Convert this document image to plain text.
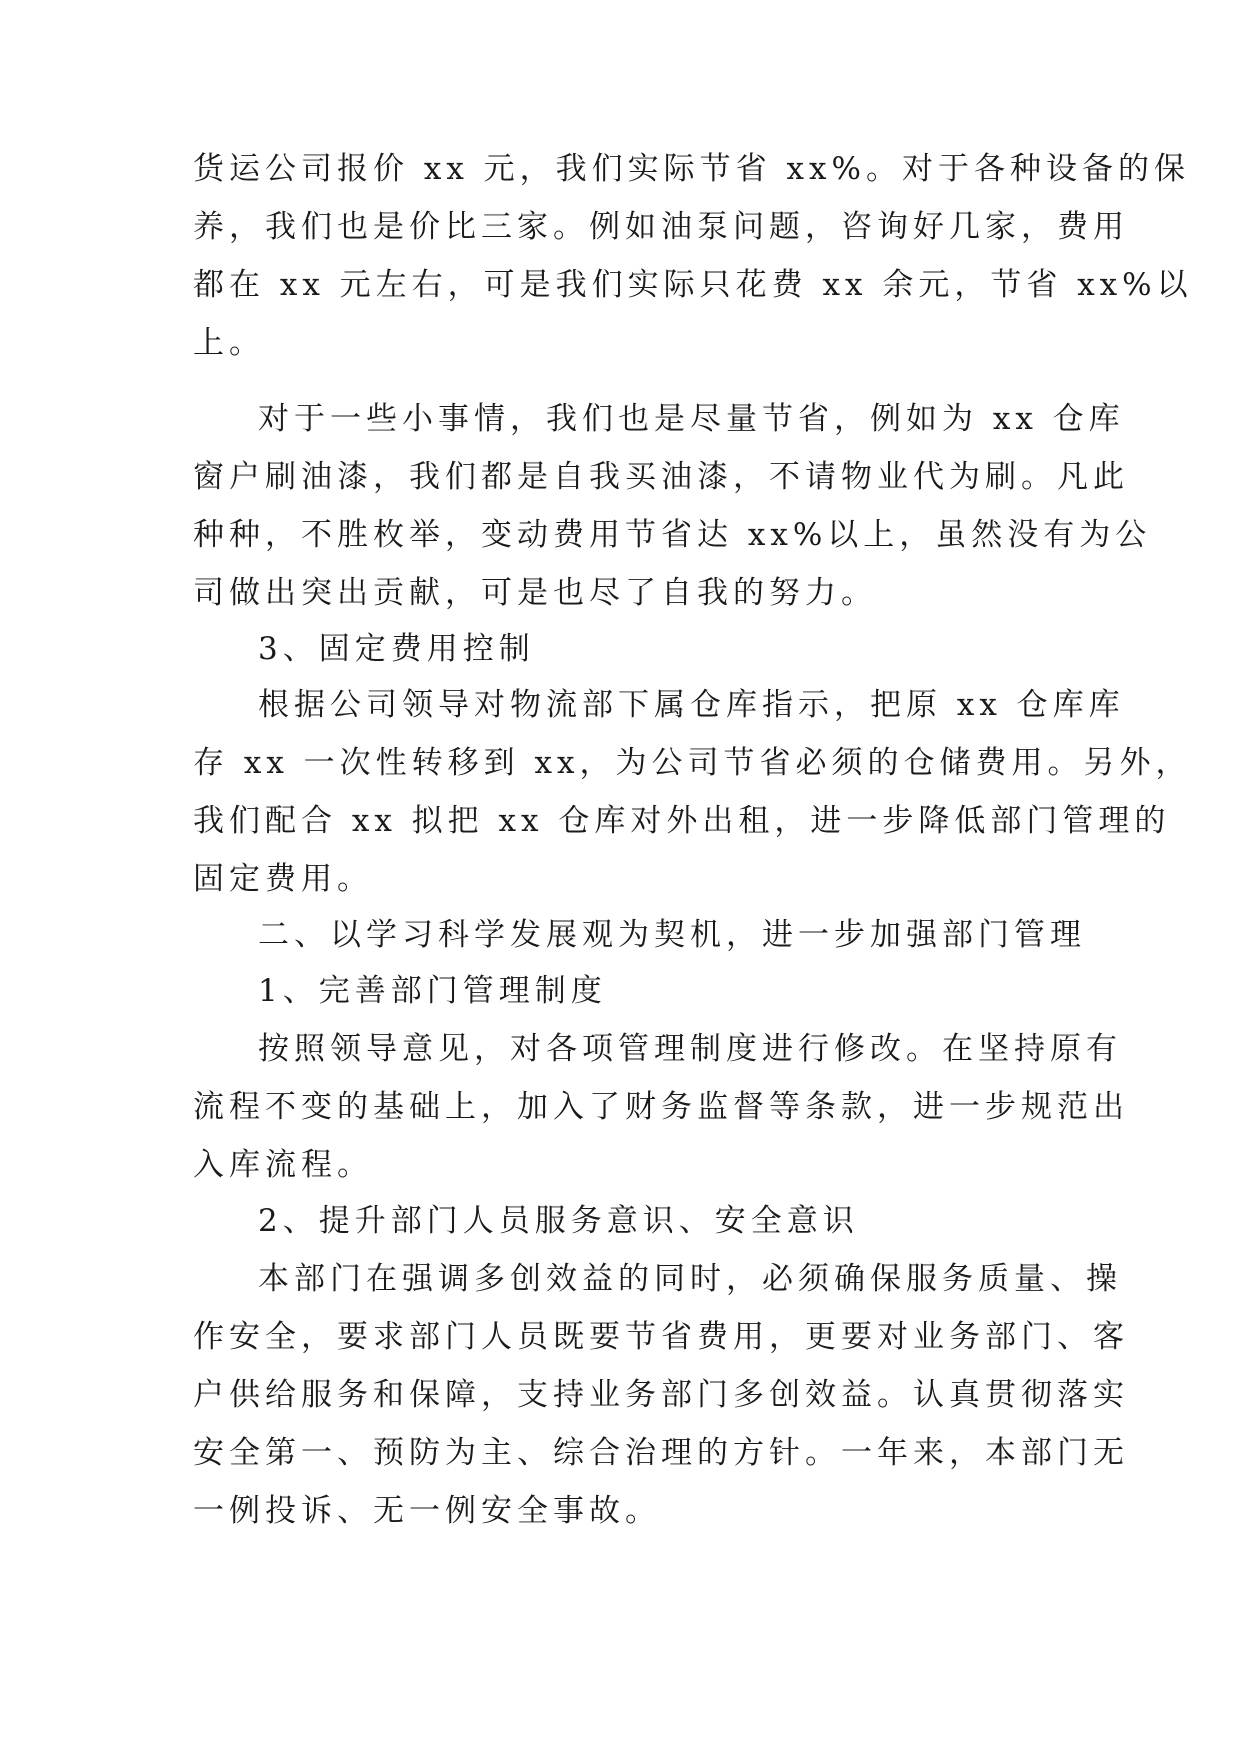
货运公司报价 xx 元，我们实际节省 xx%。对于各种设备的保

养，我们也是价比三家。例如油泵问题，咨询好几家，费用

都在 xx 元左右，可是我们实际只花费 xx 余元，节省 xx%以

上。

对于一些小事情，我们也是尽量节省，例如为 xx 仓库

窗户刷油漆，我们都是自我买油漆，不请物业代为刷。凡此

种种，不胜枚举，变动费用节省达 xx%以上，虽然没有为公

司做出突出贡献，可是也尽了自我的努力。

3、固定费用控制

根据公司领导对物流部下属仓库指示，把原 xx 仓库库

存 xx 一次性转移到 xx，为公司节省必须的仓储费用。另外，

我们配合 xx 拟把 xx 仓库对外出租，进一步降低部门管理的

固定费用。

二、以学习科学发展观为契机，进一步加强部门管理

1、完善部门管理制度

按照领导意见，对各项管理制度进行修改。在坚持原有

流程不变的基础上，加入了财务监督等条款，进一步规范出

入库流程。

2、提升部门人员服务意识、安全意识

本部门在强调多创效益的同时，必须确保服务质量、操

作安全，要求部门人员既要节省费用，更要对业务部门、客

户供给服务和保障，支持业务部门多创效益。认真贯彻落实

安全第一、预防为主、综合治理的方针。一年来，本部门无

一例投诉、无一例安全事故。
